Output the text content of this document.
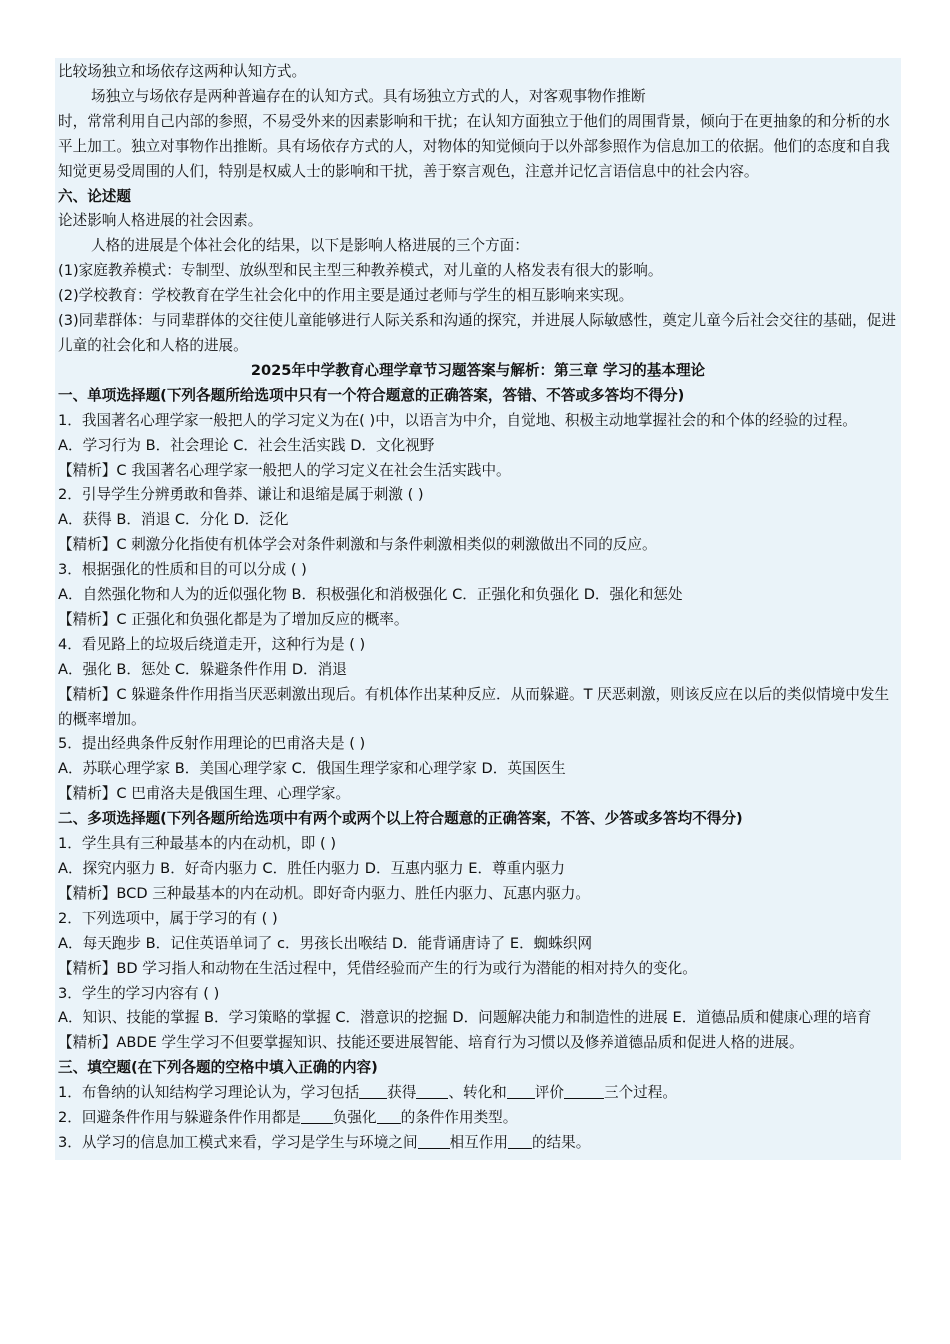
比较场独立和场依存这两种认知方式。
场独立与场依存是两种普遍存在的认知方式。具有场独立方式的人，对客观事物作推断
时，常常利用自己内部的参照，不易受外来的因素影响和干扰；在认知方面独立于他们的周围背景，倾向于在更抽象的和分析的水平上加工。独立对事物作出推断。具有场依存方式的人，对物体的知觉倾向于以外部参照作为信息加工的依据。他们的态度和自我知觉更易受周围的人们，特别是权威人士的影响和干扰，善于察言观色，注意并记忆言语信息中的社会内容。
六、论述题
论述影响人格进展的社会因素。
人格的进展是个体社会化的结果，以下是影响人格进展的三个方面：
(1)家庭教养模式：专制型、放纵型和民主型三种教养模式，对儿童的人格发表有很大的影响。
(2)学校教育：学校教育在学生社会化中的作用主要是通过老师与学生的相互影响来实现。
(3)同辈群体：与同辈群体的交往使儿童能够进行人际关系和沟通的探究，并进展人际敏感性，奠定儿童今后社会交往的基础，促进儿童的社会化和人格的进展。
2025年中学教育心理学章节习题答案与解析：第三章 学习的基本理论
一、单项选择题(下列各题所给选项中只有一个符合题意的正确答案，答错、不答或多答均不得分)
1．我国著名心理学家一般把人的学习定义为在( )中，以语言为中介，自觉地、积极主动地掌握社会的和个体的经验的过程。
A．学习行为 B．社会理论 C．社会生活实践 D．文化视野
【精析】C 我国著名心理学家一般把人的学习定义在社会生活实践中。
2．引导学生分辨勇敢和鲁莽、谦让和退缩是属于刺激 ( )
A．获得 B．消退 C．分化 D．泛化
【精析】C 刺激分化指使有机体学会对条件刺激和与条件刺激相类似的刺激做出不同的反应。
3．根据强化的性质和目的可以分成 ( )
A．自然强化物和人为的近似强化物 B．积极强化和消极强化 C．正强化和负强化 D．强化和惩处
【精析】C 正强化和负强化都是为了增加反应的概率。
4．看见路上的垃圾后绕道走开，这种行为是 ( )
A．强化 B．惩处 C．躲避条件作用 D．消退
【精析】C 躲避条件作用指当厌恶刺激出现后。有机体作出某种反应．从而躲避。T 厌恶刺激，则该反应在以后的类似情境中发生的概率增加。
5．提出经典条件反射作用理论的巴甫洛夫是 ( )
A．苏联心理学家 B．美国心理学家 C．俄国生理学家和心理学家 D．英国医生
【精析】C 巴甫洛夫是俄国生理、心理学家。
二、多项选择题(下列各题所给选项中有两个或两个以上符合题意的正确答案，不答、少答或多答均不得分)
1．学生具有三种最基本的内在动机，即 ( )
A．探究内驱力 B．好奇内驱力 C．胜任内驱力 D．互惠内驱力 E．尊重内驱力
【精析】BCD 三种最基本的内在动机。即好奇内驱力、胜任内驱力、瓦惠内驱力。
2．下列选项中，属于学习的有 ( )
A．每天跑步 B．记住英语单词了 c．男孩长出喉结 D．能背诵唐诗了 E．蜘蛛织网
【精析】BD 学习指人和动物在生活过程中，凭借经验而产生的行为或行为潜能的相对持久的变化。
3．学生的学习内容有 ( )
A．知识、技能的掌握 B．学习策略的掌握 C．潜意识的挖掘 D．问题解决能力和制造性的进展 E．道德品质和健康心理的培育
【精析】ABDE 学生学习不但要掌握知识、技能还要进展智能、培育行为习惯以及修养道德品质和促进人格的进展。
三、填空题(在下列各题的空格中填入正确的内容)
1．布鲁纳的认知结构学习理论认为，学习包括 获得 、转化和 评价	三个过程。
2．回避条件作用与躲避条件作用都是 负强化 的条件作用类型。
3．从学习的信息加工模式来看，学习是学生与环境之间 相互作用 的结果。
